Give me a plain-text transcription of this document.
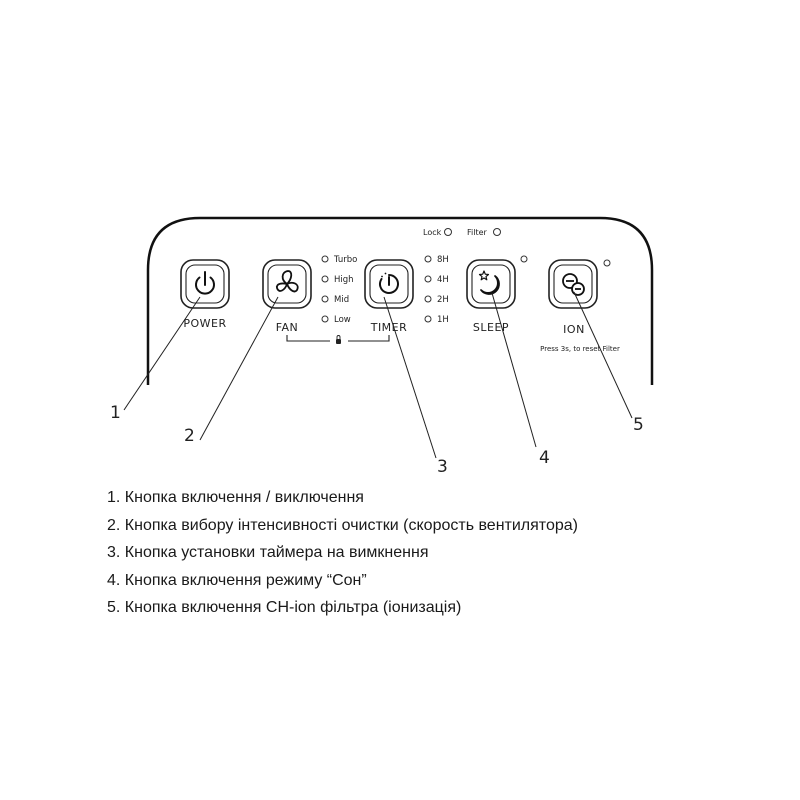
Lock	Filter
POWER	FAN
Turbo
High
Mid
Low
TIMER
8H
4H
2H
1H
SLEEP	ION
Press 3s, to reset Filter
1
2
3	4
5
1. Кнопка включення / виключення
2. Кнопка вибору інтенсивності очистки (скорость вентилятора)
3. Кнопка установки таймера на вимкнення
4. Кнопка включення режиму “Сон”
5. Кнопка включення CH-ion фільтра (іонизація)
